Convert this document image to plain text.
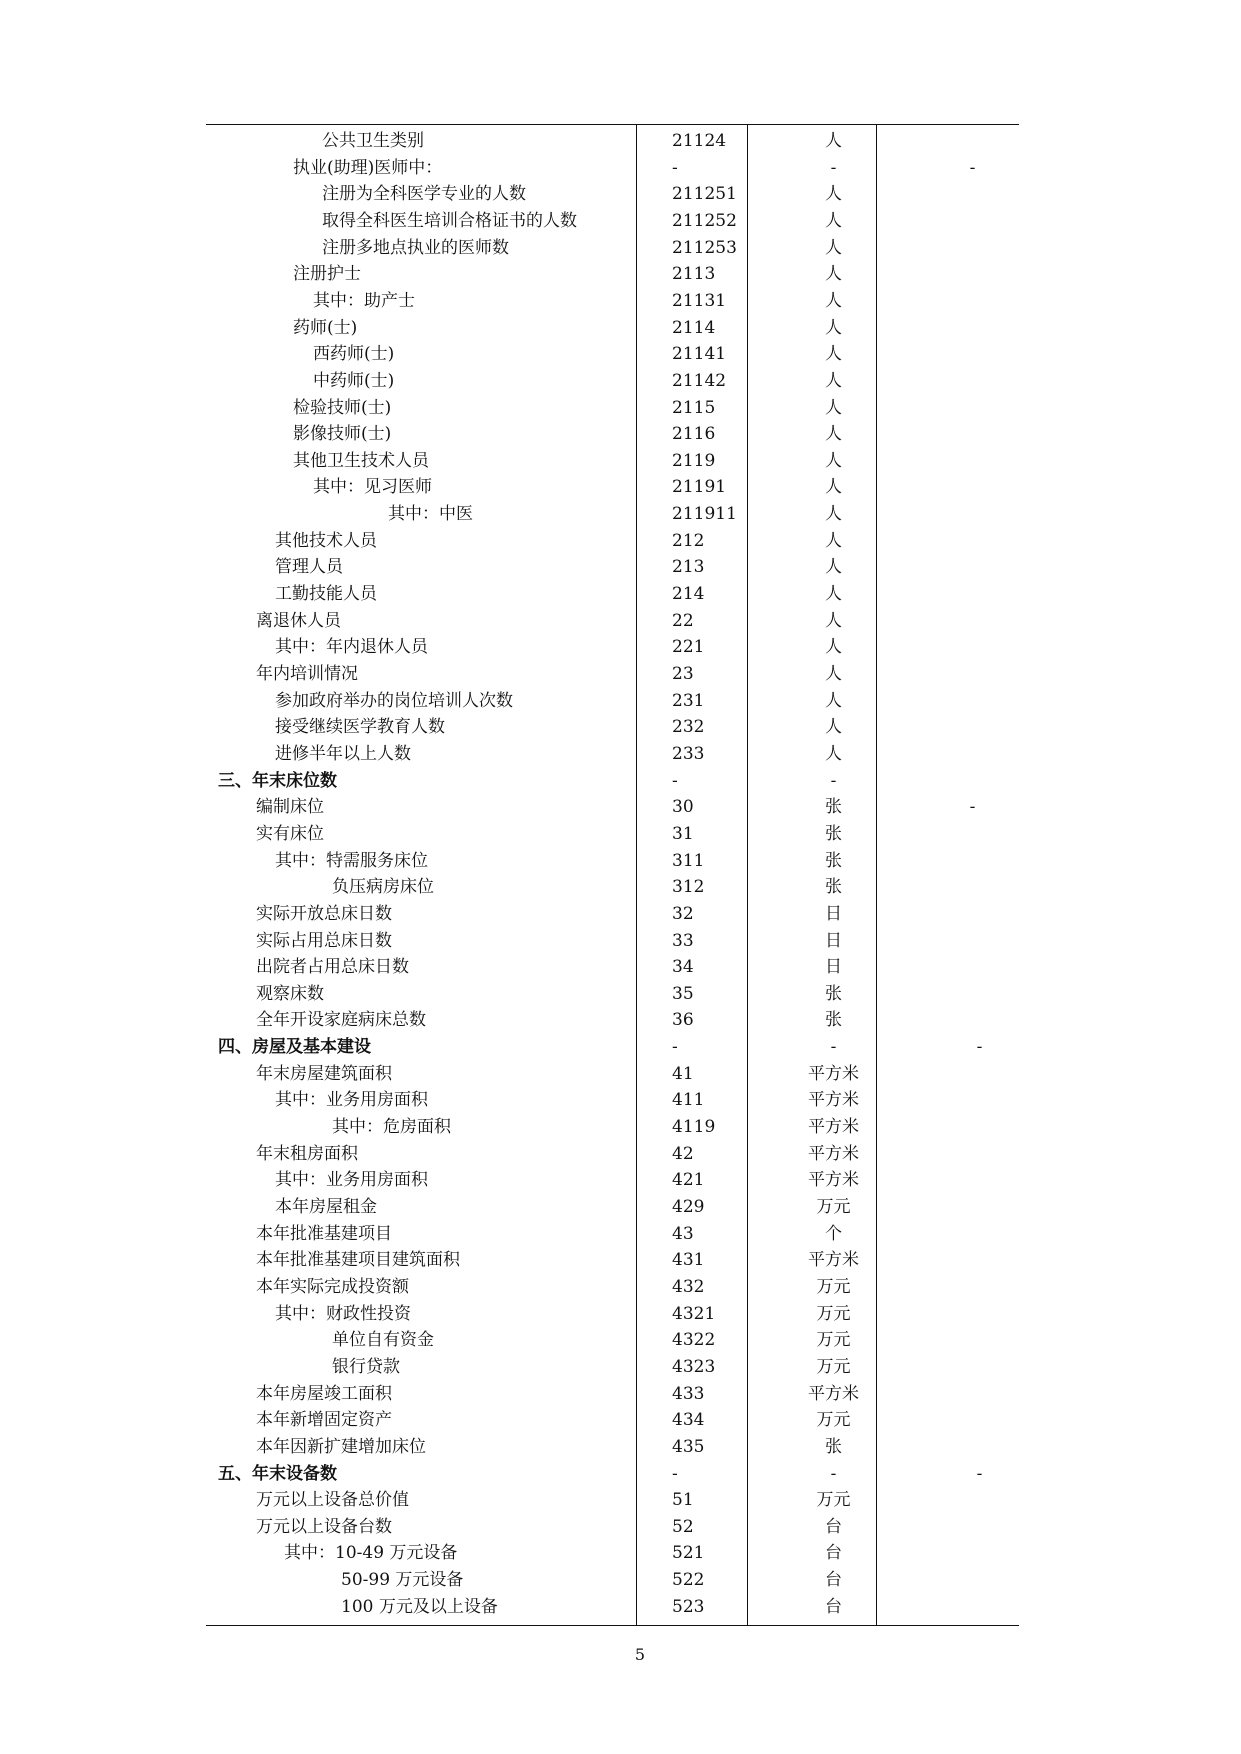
公共卫生类别	21124	人
执业(助理)医师中：	-	-	-
注册为全科医学专业的人数	211251	人
取得全科医生培训合格证书的人数	211252	人
注册多地点执业的医师数	211253	人
注册护士	2113	人
其中：助产士	21131	人
药师(士)	2114	人
西药师(士)	21141	人
中药师(士)	21142	人
检验技师(士)	2115	人
影像技师(士)	2116	人
其他卫生技术人员	2119	人
其中：见习医师	21191	人
其中：中医	211911	人
其他技术人员	212	人
管理人员	213	人
工勤技能人员	214	人
离退休人员	22	人
其中：年内退休人员	221	人
年内培训情况	23	人
参加政府举办的岗位培训人次数	231	人
接受继续医学教育人数	232	人
进修半年以上人数	233	人
三、年末床位数	-	-
编制床位	30	张	-
实有床位	31	张
其中：特需服务床位	311	张
负压病房床位	312	张
实际开放总床日数	32	日
实际占用总床日数	33	日
出院者占用总床日数	34	日
观察床数	35	张
全年开设家庭病床总数	36	张
四、房屋及基本建设	-	-	-
年末房屋建筑面积	41	平方米
其中：业务用房面积	411	平方米
其中：危房面积	4119	平方米
年末租房面积	42	平方米
其中：业务用房面积	421	平方米
本年房屋租金	429	万元
本年批准基建项目	43	个
本年批准基建项目建筑面积	431	平方米
本年实际完成投资额	432	万元
其中：财政性投资	4321	万元
单位自有资金	4322	万元
银行贷款	4323	万元
本年房屋竣工面积	433	平方米
本年新增固定资产	434	万元
本年因新扩建增加床位	435	张
五、年末设备数	-	-	-
万元以上设备总价值	51	万元
万元以上设备台数	52	台
其中：10-49 万元设备	521	台
50-99 万元设备	522	台
100 万元及以上设备	523	台
5
